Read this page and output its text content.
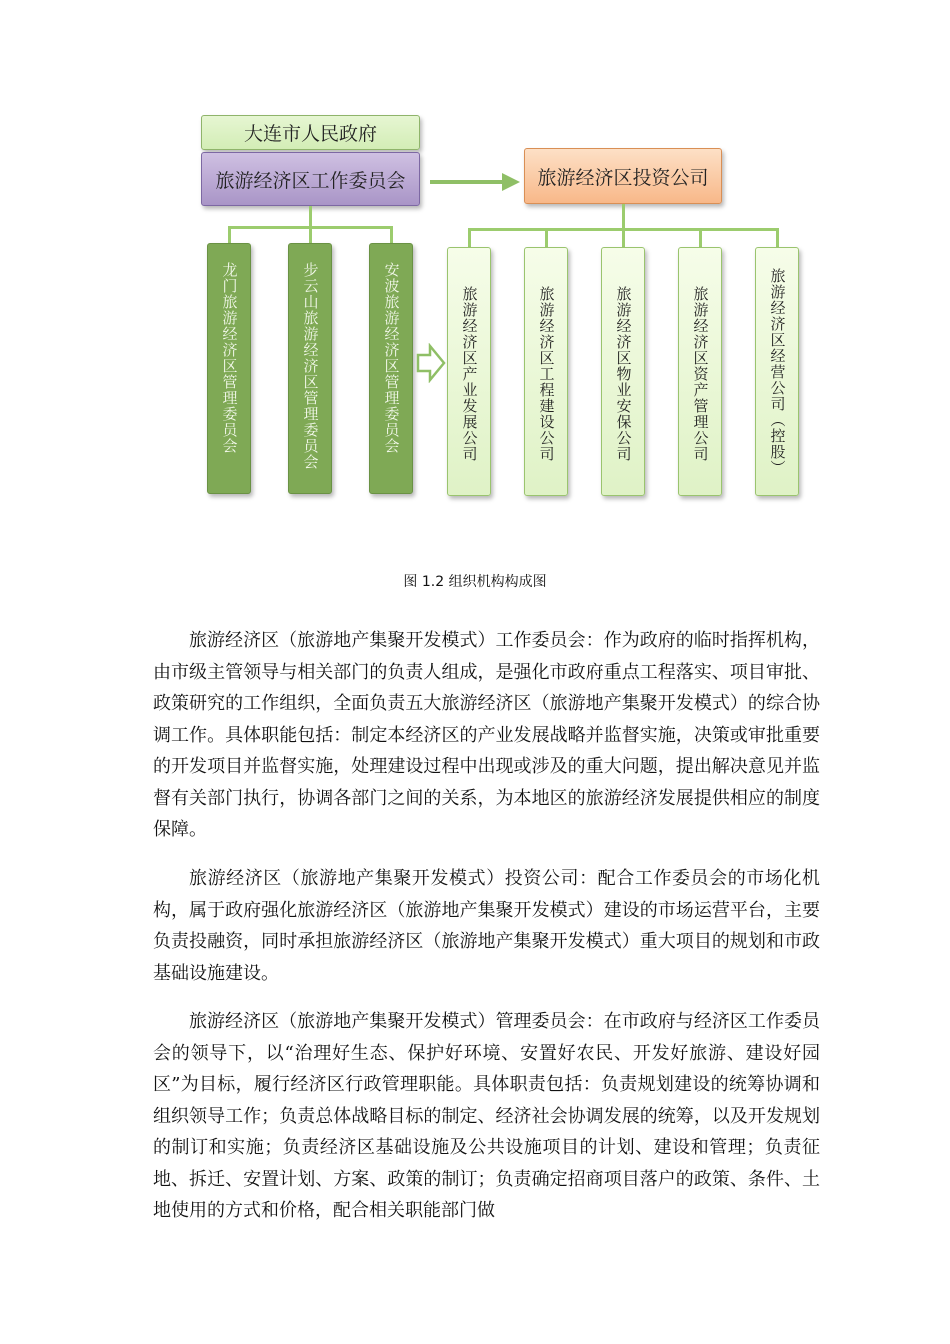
大连市人民政府
旅游经济区工作委员会	旅游经济区投资公司
龙门旅游经济区管理委员会	步云山旅游经济区管理委员会	安波旅游经济区管理委员会	旅游经济区产业发展公司	旅游经济区工程建设公司	旅游经济区物业安保公司	旅游经济区资产管理公司	旅游经济区经营公司（控股）
图 1.2 组织机构构成图

旅游经济区（旅游地产集聚开发模式）工作委员会：作为政府的临时指挥机构，由市级主管领导与相关部门的负责人组成，是强化市政府重点工程落实、项目审批、政策研究的工作组织，全面负责五大旅游经济区（旅游地产集聚开发模式）的综合协调工作。具体职能包括：制定本经济区的产业发展战略并监督实施，决策或审批重要的开发项目并监督实施，处理建设过程中出现或涉及的重大问题，提出解决意见并监督有关部门执行，协调各部门之间的关系，为本地区的旅游经济发展提供相应的制度保障。

旅游经济区（旅游地产集聚开发模式）投资公司：配合工作委员会的市场化机构，属于政府强化旅游经济区（旅游地产集聚开发模式）建设的市场运营平台，主要负责投融资，同时承担旅游经济区（旅游地产集聚开发模式）重大项目的规划和市政基础设施建设。

旅游经济区（旅游地产集聚开发模式）管理委员会：在市政府与经济区工作委员会的领导下，以“治理好生态、保护好环境、安置好农民、开发好旅游、建设好园区”为目标，履行经济区行政管理职能。具体职责包括：负责规划建设的统筹协调和组织领导工作；负责总体战略目标的制定、经济社会协调发展的统筹，以及开发规划的制订和实施；负责经济区基础设施及公共设施项目的计划、建设和管理；负责征地、拆迁、安置计划、方案、政策的制订；负责确定招商项目落户的政策、条件、土地使用的方式和价格，配合相关职能部门做
